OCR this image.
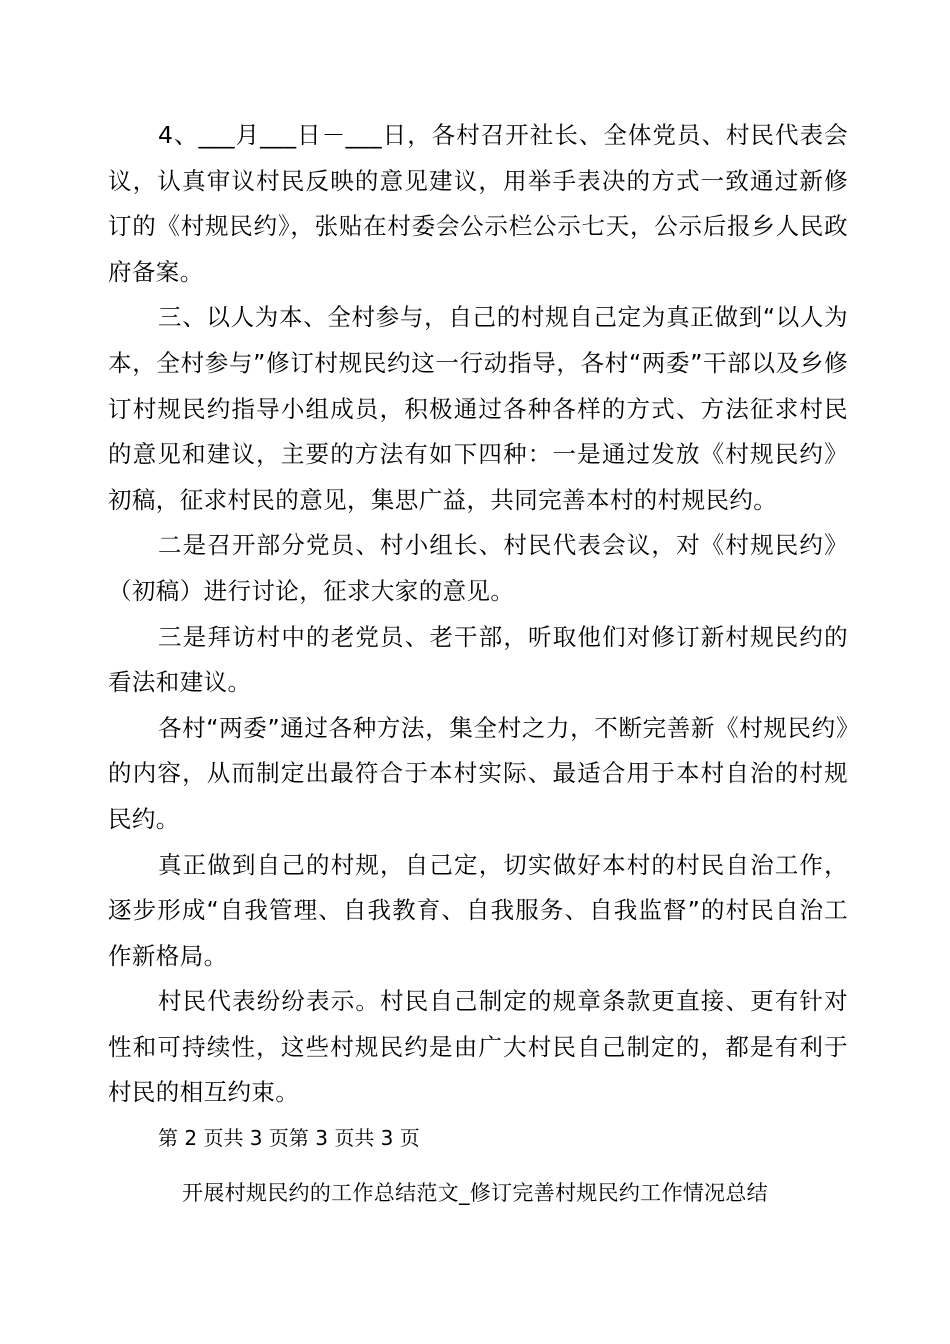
4、___月___日－___日，各村召开社长、全体党员、村民代表会议，认真审议村民反映的意见建议，用举手表决的方式一致通过新修订的《村规民约》，张贴在村委会公示栏公示七天，公示后报乡人民政府备案。

三、以人为本、全村参与，自己的村规自己定为真正做到“以人为本，全村参与”修订村规民约这一行动指导，各村“两委”干部以及乡修订村规民约指导小组成员，积极通过各种各样的方式、方法征求村民的意见和建议，主要的方法有如下四种：一是通过发放《村规民约》初稿，征求村民的意见，集思广益，共同完善本村的村规民约。

二是召开部分党员、村小组长、村民代表会议，对《村规民约》（初稿）进行讨论，征求大家的意见。

三是拜访村中的老党员、老干部，听取他们对修订新村规民约的看法和建议。

各村“两委”通过各种方法，集全村之力，不断完善新《村规民约》的内容，从而制定出最符合于本村实际、最适合用于本村自治的村规民约。

真正做到自己的村规，自己定，切实做好本村的村民自治工作，逐步形成“自我管理、自我教育、自我服务、自我监督”的村民自治工作新格局。

村民代表纷纷表示。村民自己制定的规章条款更直接、更有针对性和可持续性，这些村规民约是由广大村民自己制定的，都是有利于村民的相互约束。

第 2 页共 3 页第 3 页共 3 页

开展村规民约的工作总结范文_修订完善村规民约工作情况总结
